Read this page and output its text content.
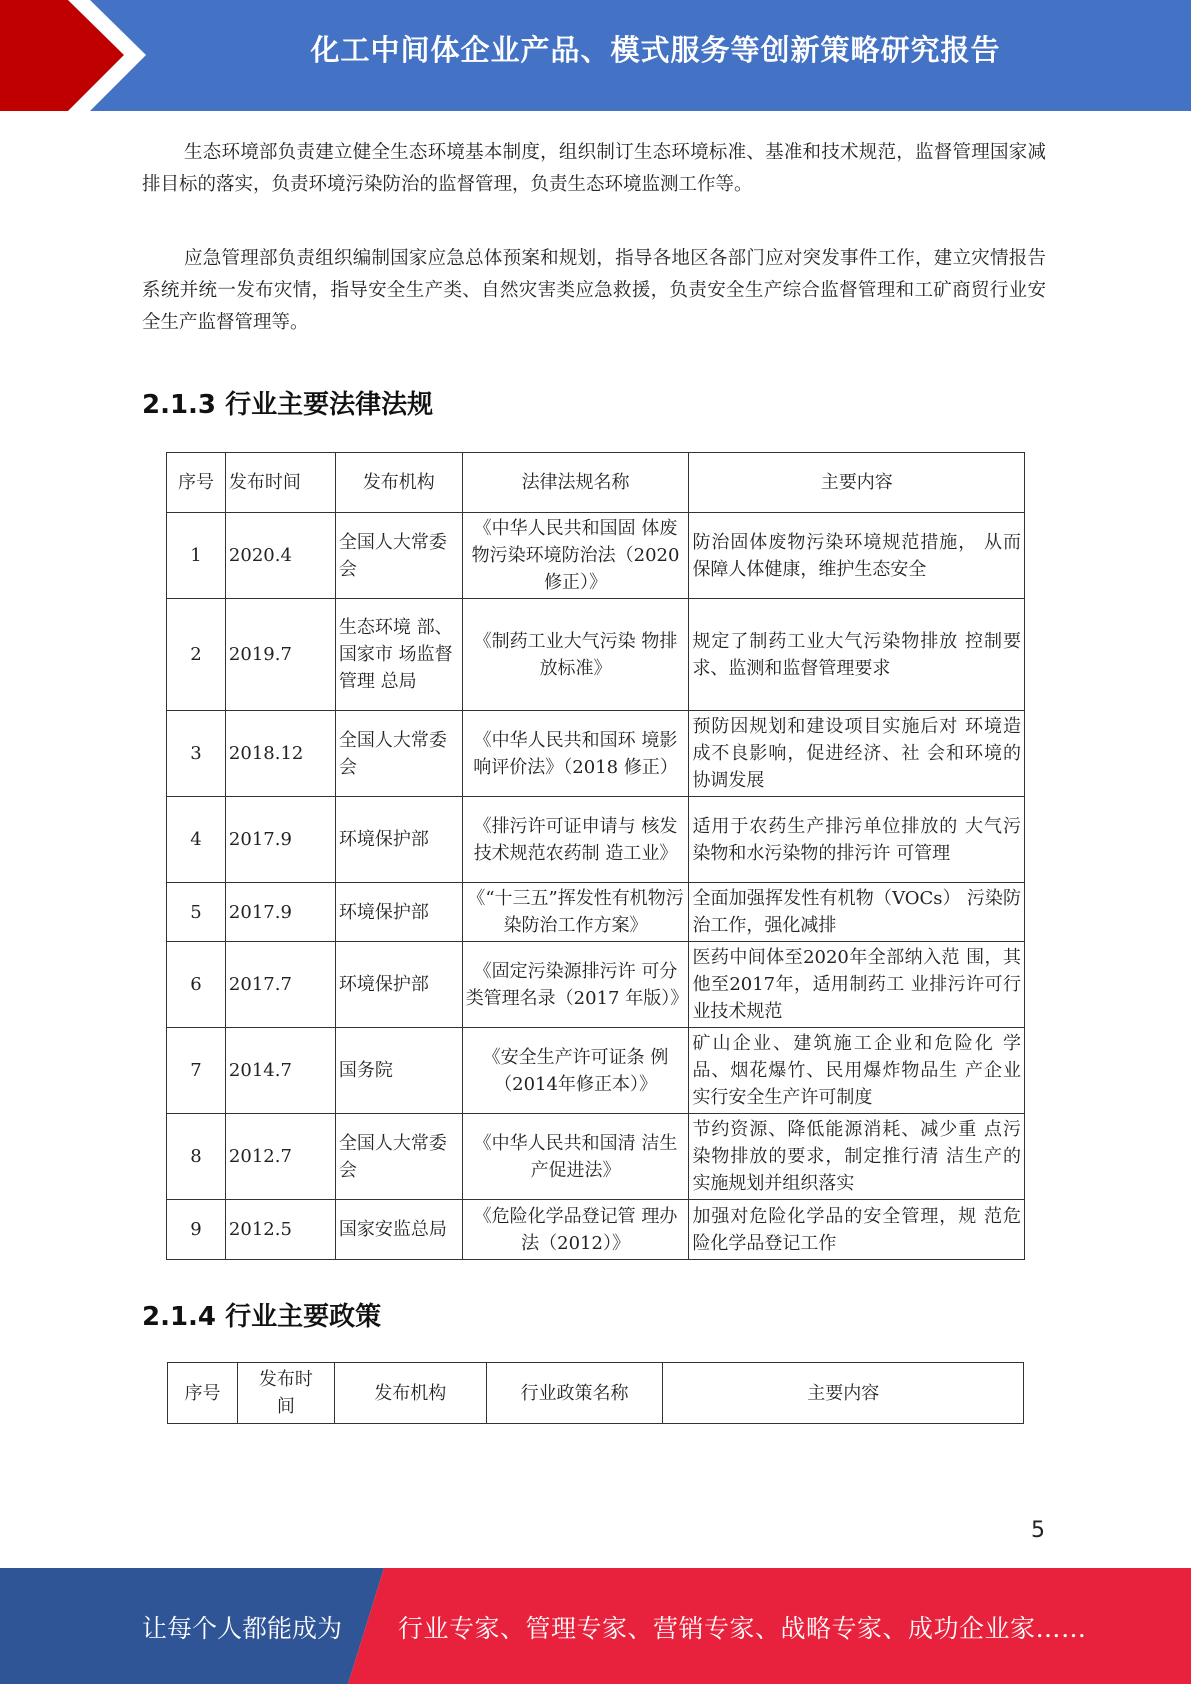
化工中间体企业产品、模式服务等创新策略研究报告

生态环境部负责建立健全生态环境基本制度，组织制订生态环境标准、基准和技术规范，监督管理国家减排目标的落实，负责环境污染防治的监督管理，负责生态环境监测工作等。

应急管理部负责组织编制国家应急总体预案和规划，指导各地区各部门应对突发事件工作，建立灾情报告系统并统一发布灾情，指导安全生产类、自然灾害类应急救援，负责安全生产综合监督管理和工矿商贸行业安全生产监督管理等。

2.1.3 行业主要法律法规
序号	发布时间	发布机构	法律法规名称	主要内容
1	2020.4	全国人大常委会	《中华人民共和国固 体废物污染环境防治法（2020修正）》	防治固体废物污染环境规范措施， 从而保障人体健康，维护生态安全
2	2019.7	生态环境 部、国家市 场监督管理 总局	《制药工业大气污染 物排放标准》	规定了制药工业大气污染物排放 控制要求、监测和监督管理要求
3	2018.12	全国人大常委会	《中华人民共和国环 境影响评价法》（2018 修正）	预防因规划和建设项目实施后对 环境造成不良影响，促进经济、社 会和环境的协调发展
4	2017.9	环境保护部	《排污许可证申请与 核发技术规范农药制 造工业》	适用于农药生产排污单位排放的 大气污染物和水污染物的排污许 可管理
5	2017.9	环境保护部	《“十三五”挥发性有机物污染防治工作方案》	全面加强挥发性有机物（VOCs） 污染防治工作，强化减排
6	2017.7	环境保护部	《固定污染源排污许 可分类管理名录（2017 年版）》	医药中间体至2020年全部纳入范 围，其他至2017年，适用制药工 业排污许可行业技术规范
7	2014.7	国务院	《安全生产许可证条 例（2014年修正本）》	矿山企业、建筑施工企业和危险化 学品、烟花爆竹、民用爆炸物品生 产企业实行安全生产许可制度
8	2012.7	全国人大常委会	《中华人民共和国清 洁生产促进法》	节约资源、降低能源消耗、减少重 点污染物排放的要求，制定推行清 洁生产的实施规划并组织落实
9	2012.5	国家安监总局	《危险化学品登记管 理办法（2012）》	加强对危险化学品的安全管理，规 范危险化学品登记工作
2.1.4 行业主要政策
序号	发布时间	发布机构	行业政策名称	主要内容
5
让每个人都能成为 行业专家、管理专家、营销专家、战略专家、成功企业家……
